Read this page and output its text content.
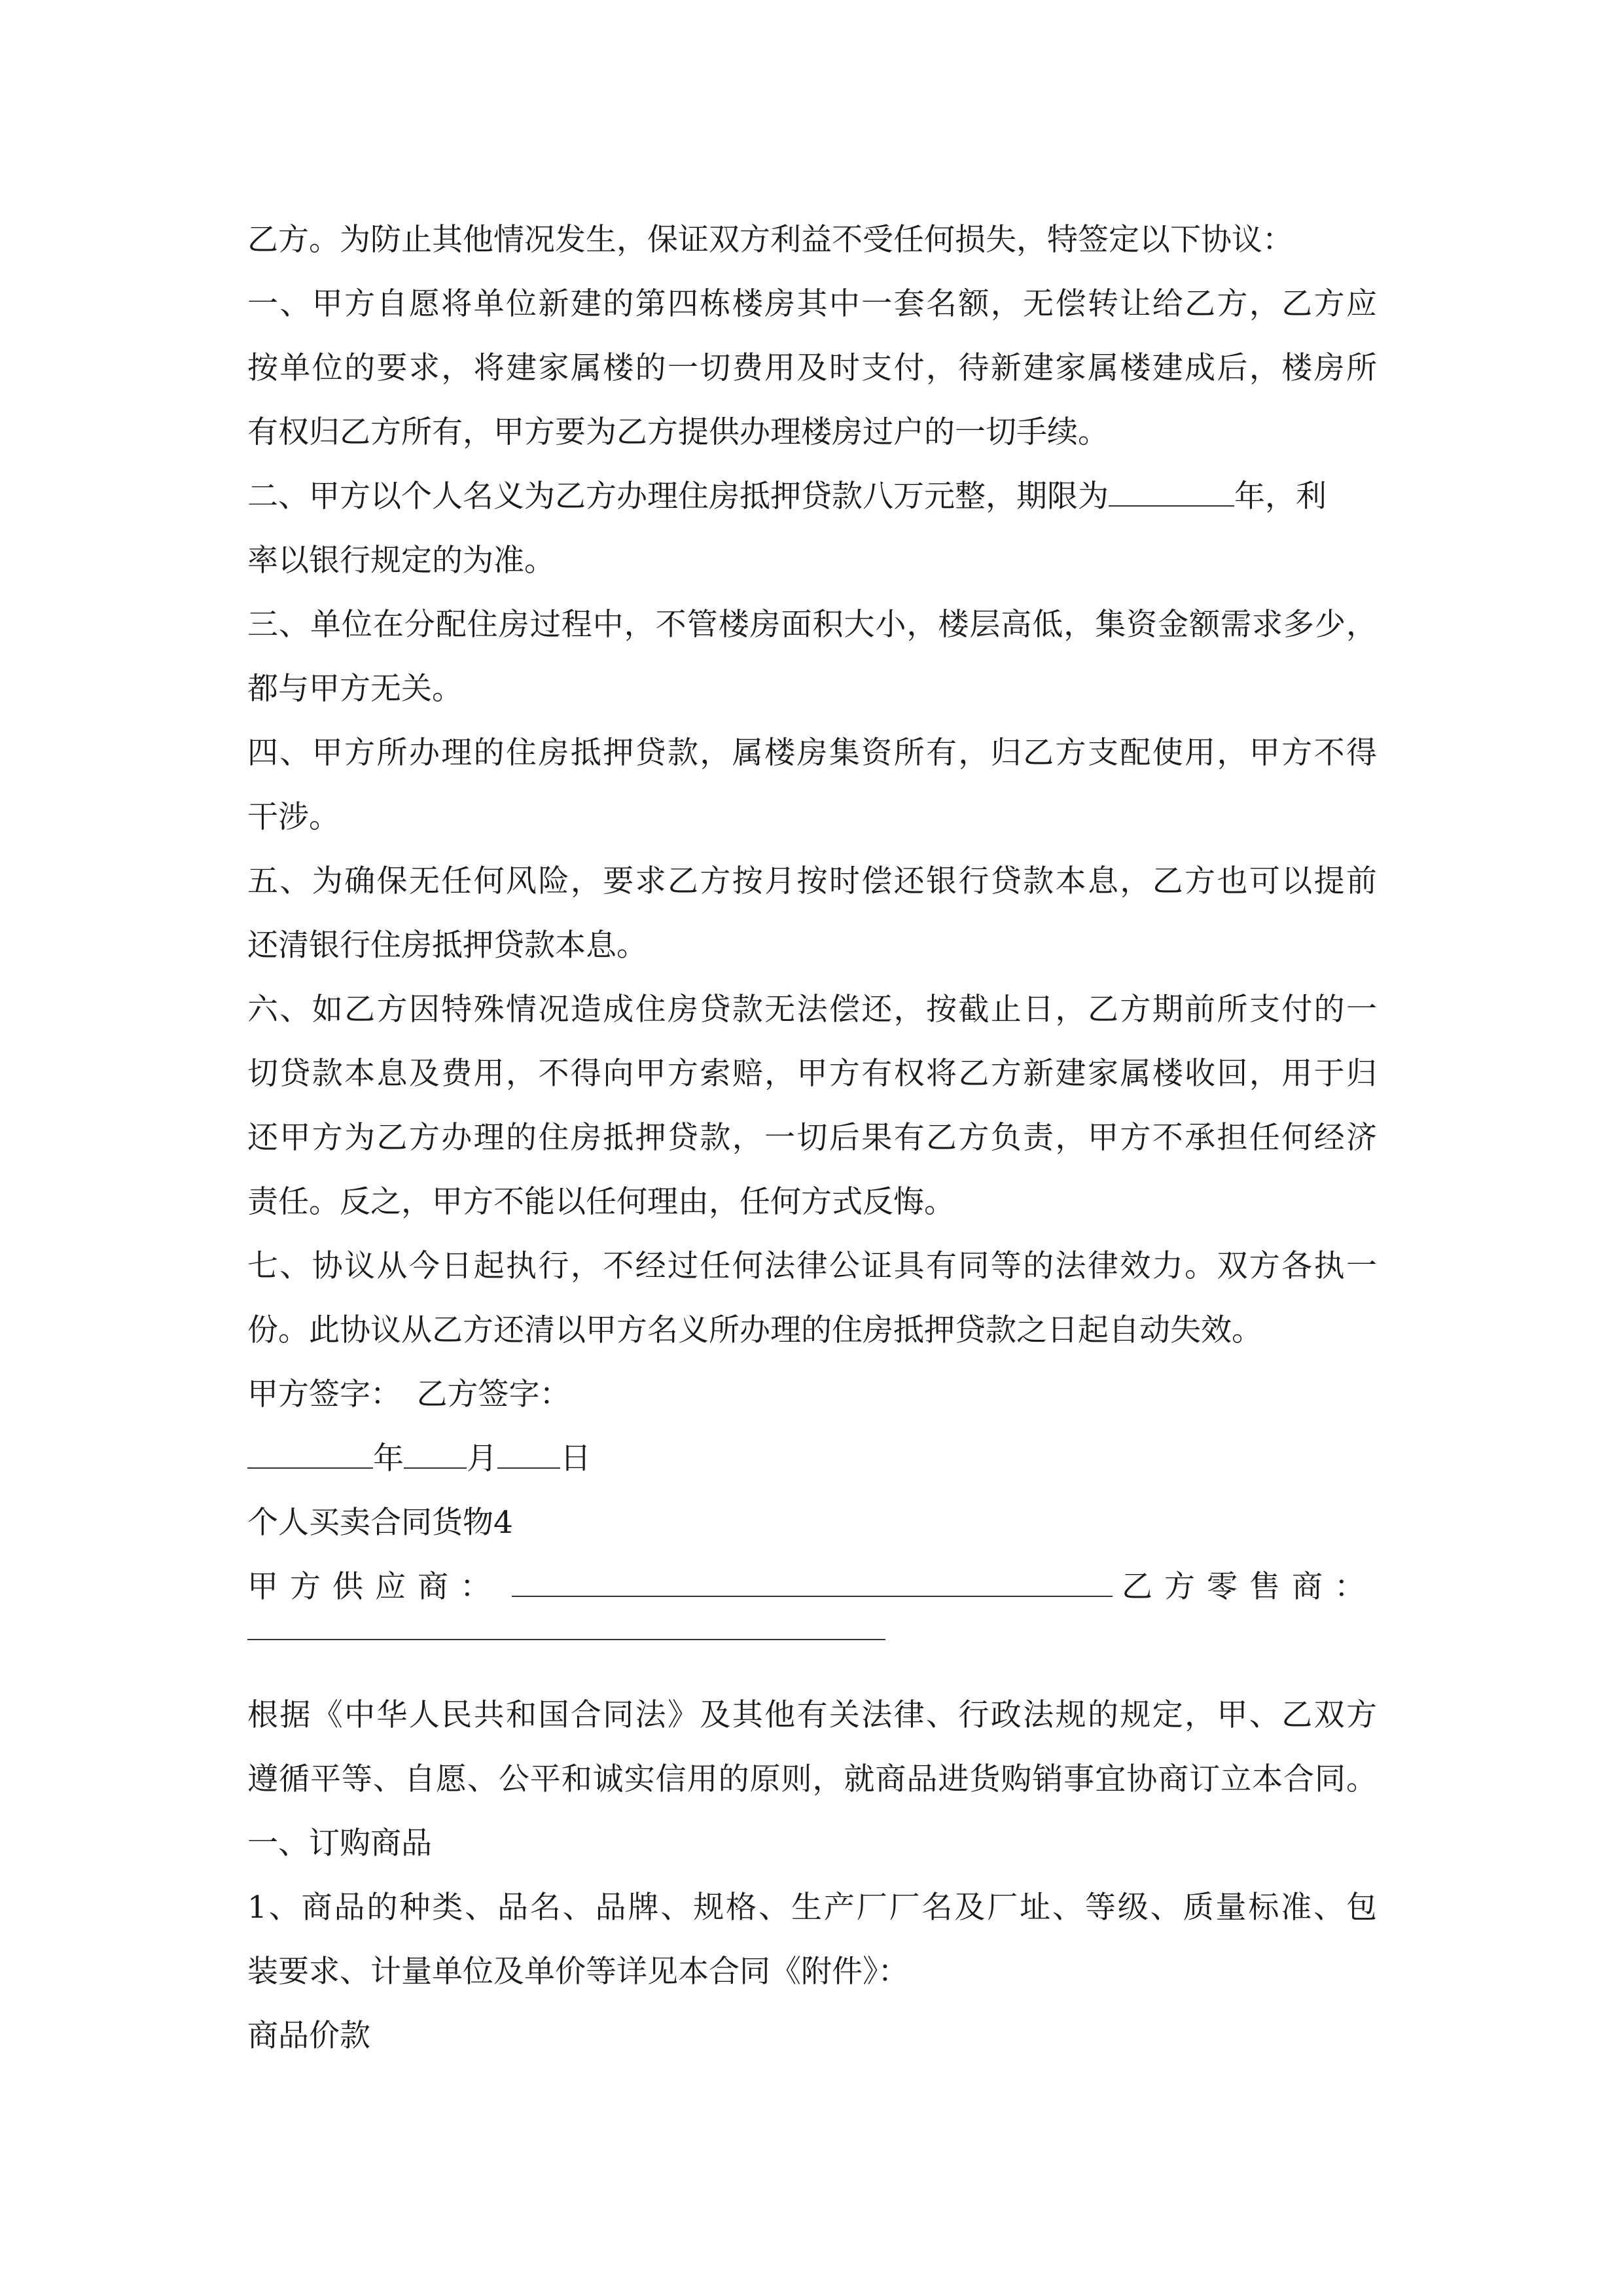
乙方。为防止其他情况发生，保证双方利益不受任何损失，特签定以下协议：
一、甲方自愿将单位新建的第四栋楼房其中一套名额，无偿转让给乙方，乙方应
按单位的要求，将建家属楼的一切费用及时支付，待新建家属楼建成后，楼房所
有权归乙方所有，甲方要为乙方提供办理楼房过户的一切手续。
二、甲方以个人名义为乙方办理住房抵押贷款八万元整，期限为	年，利
率以银行规定的为准。
三、单位在分配住房过程中，不管楼房面积大小，楼层高低，集资金额需求多少，
都与甲方无关。
四、甲方所办理的住房抵押贷款，属楼房集资所有，归乙方支配使用，甲方不得
干涉。
五、为确保无任何风险，要求乙方按月按时偿还银行贷款本息，乙方也可以提前
还清银行住房抵押贷款本息。
六、如乙方因特殊情况造成住房贷款无法偿还，按截止日，乙方期前所支付的一
切贷款本息及费用，不得向甲方索赔，甲方有权将乙方新建家属楼收回，用于归
还甲方为乙方办理的住房抵押贷款，一切后果有乙方负责，甲方不承担任何经济
责任。反之，甲方不能以任何理由，任何方式反悔。
七、协议从今日起执行，不经过任何法律公证具有同等的法律效力。双方各执一
份。此协议从乙方还清以甲方名义所办理的住房抵押贷款之日起自动失效。
甲方签字：　乙方签字：
年 月 日
个人买卖合同货物4
甲方供应商：	乙方零售商：
根据《中华人民共和国合同法》及其他有关法律、行政法规的规定，甲、乙双方
遵循平等、自愿、公平和诚实信用的原则，就商品进货购销事宜协商订立本合同。
一、订购商品
1、商品的种类、品名、品牌、规格、生产厂厂名及厂址、等级、质量标准、包
装要求、计量单位及单价等详见本合同《附件》：
商品价款
